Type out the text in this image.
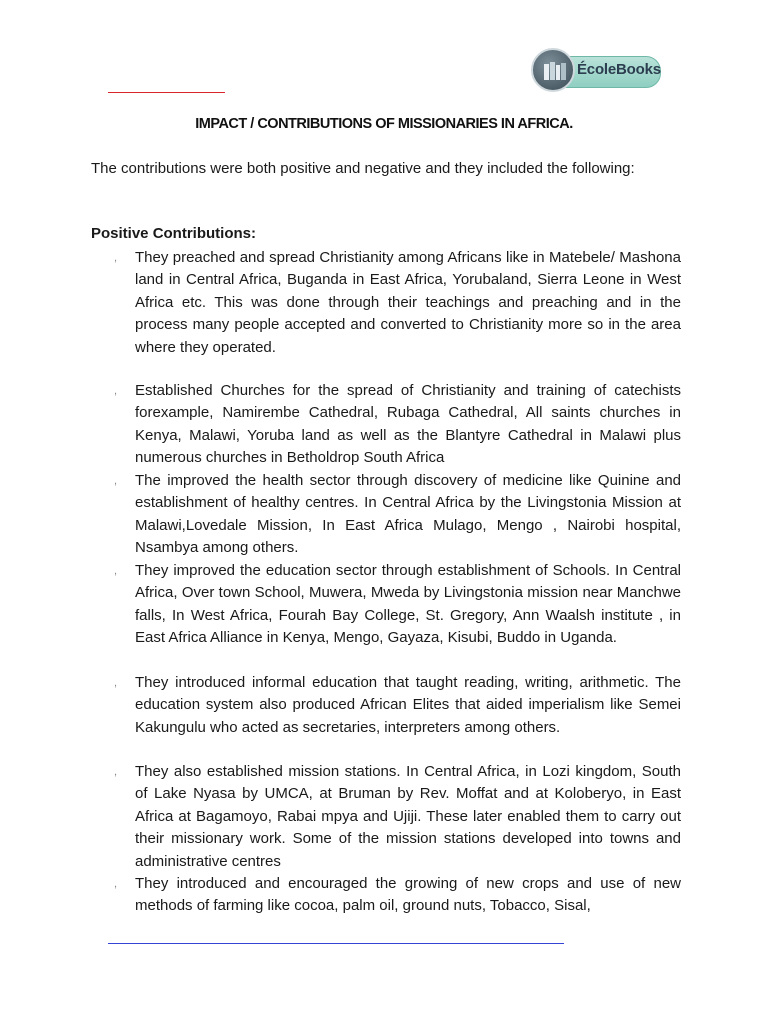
ÉcoleBooks
IMPACT / CONTRIBUTIONS OF MISSIONARIES IN AFRICA.

The contributions were both positive and negative and they included the following:

Positive Contributions:

, They preached and spread Christianity among Africans like in Matebele/ Mashona land in Central Africa, Buganda in East Africa, Yorubaland, Sierra Leone in West Africa etc. This was done through their teachings and preaching and in the process many people accepted and converted to Christianity more so in the area where they operated.
, Established Churches for the spread of Christianity and training of catechists forexample, Namirembe Cathedral, Rubaga Cathedral, All saints churches in Kenya, Malawi, Yoruba land as well as the Blantyre Cathedral in Malawi plus numerous churches in Betholdrop South Africa
, The improved the health sector through discovery of medicine like Quinine and establishment of healthy centres. In Central Africa by the Livingstonia Mission at Malawi,Lovedale Mission, In East Africa Mulago, Mengo , Nairobi hospital, Nsambya among others.
, They improved the education sector through establishment of Schools. In Central Africa, Over town School, Muwera, Mweda by Livingstonia mission near Manchwe falls, In West Africa, Fourah Bay College, St. Gregory, Ann Waalsh institute , in East Africa Alliance in Kenya, Mengo, Gayaza, Kisubi, Buddo in Uganda.
, They introduced informal education that taught reading, writing, arithmetic. The education system also produced African Elites that aided imperialism like Semei Kakungulu who acted as secretaries, interpreters among others.
, They also established mission stations. In Central Africa, in Lozi kingdom, South of Lake Nyasa by UMCA, at Bruman by Rev. Moffat and at Koloberyo, in East Africa at Bagamoyo, Rabai mpya and Ujiji. These later enabled them to carry out their missionary work. Some of the mission stations developed into towns and administrative centres
, They introduced and encouraged the growing of new crops and use of new methods of farming like cocoa, palm oil, ground nuts, Tobacco, Sisal,
